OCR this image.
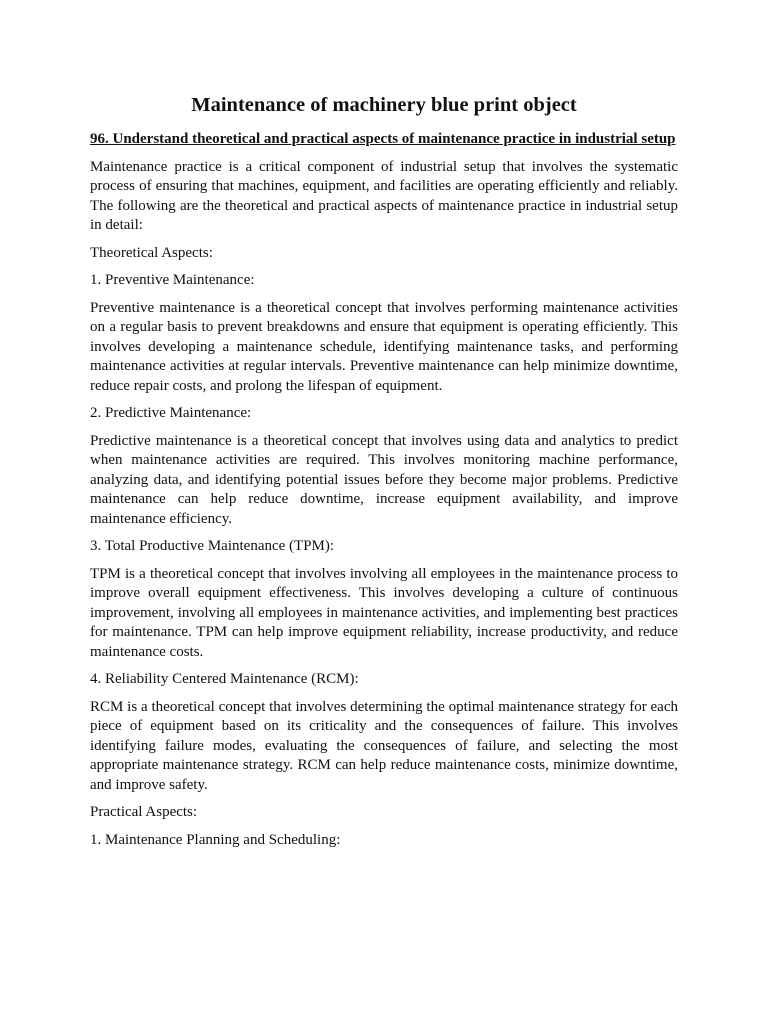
Maintenance of machinery blue print object
96. Understand theoretical and practical aspects of maintenance practice in industrial setup
Maintenance practice is a critical component of industrial setup that involves the systematic process of ensuring that machines, equipment, and facilities are operating efficiently and reliably. The following are the theoretical and practical aspects of maintenance practice in industrial setup in detail:
Theoretical Aspects:
1. Preventive Maintenance:
Preventive maintenance is a theoretical concept that involves performing maintenance activities on a regular basis to prevent breakdowns and ensure that equipment is operating efficiently. This involves developing a maintenance schedule, identifying maintenance tasks, and performing maintenance activities at regular intervals. Preventive maintenance can help minimize downtime, reduce repair costs, and prolong the lifespan of equipment.
2. Predictive Maintenance:
Predictive maintenance is a theoretical concept that involves using data and analytics to predict when maintenance activities are required. This involves monitoring machine performance, analyzing data, and identifying potential issues before they become major problems. Predictive maintenance can help reduce downtime, increase equipment availability, and improve maintenance efficiency.
3. Total Productive Maintenance (TPM):
TPM is a theoretical concept that involves involving all employees in the maintenance process to improve overall equipment effectiveness. This involves developing a culture of continuous improvement, involving all employees in maintenance activities, and implementing best practices for maintenance. TPM can help improve equipment reliability, increase productivity, and reduce maintenance costs.
4. Reliability Centered Maintenance (RCM):
RCM is a theoretical concept that involves determining the optimal maintenance strategy for each piece of equipment based on its criticality and the consequences of failure. This involves identifying failure modes, evaluating the consequences of failure, and selecting the most appropriate maintenance strategy. RCM can help reduce maintenance costs, minimize downtime, and improve safety.
Practical Aspects:
1. Maintenance Planning and Scheduling:
